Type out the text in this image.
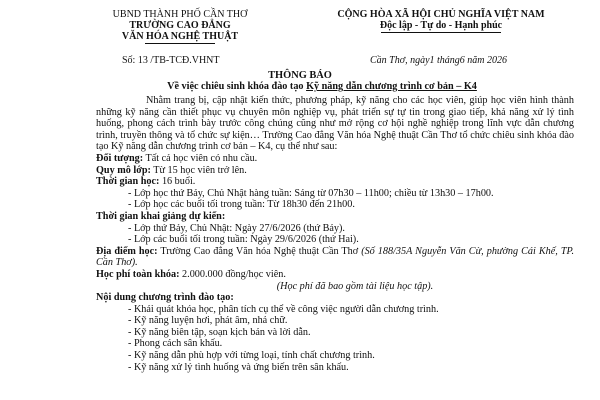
UBND THÀNH PHỐ CẦN THƠ
TRƯỜNG CAO ĐẲNG
VĂN HÓA NGHỆ THUẬT
CỘNG HÒA XÃ HỘI CHỦ NGHĨA VIỆT NAM
Độc lập - Tự do - Hạnh phúc
Số: 13 /TB-TCĐ.VHNT	Cần Thơ, ngày1 tháng6 năm 2026
THÔNG BÁO
Về việc chiêu sinh khóa đào tạo Kỹ năng dẫn chương trình cơ bản – K4

Nhằm trang bị, cập nhật kiến thức, phương pháp, kỹ năng cho các học viên, giúp học viên hình thành những kỹ năng cần thiết phục vụ chuyên môn nghiệp vụ, phát triển sự tự tin trong giao tiếp, khả năng xử lý tình huống, phong cách trình bày trước công chúng cũng như mở rộng cơ hội nghề nghiệp trong lĩnh vực dẫn chương trình, truyền thông và tổ chức sự kiện… Trường Cao đẳng Văn hóa Nghệ thuật Cần Thơ tổ chức chiêu sinh khóa đào tạo Kỹ năng dẫn chương trình cơ bản – K4, cụ thể như sau:

Đối tượng: Tất cả học viên có nhu cầu.

Quy mô lớp: Từ 15 học viên trở lên.

Thời gian học: 16 buổi.

- Lớp học thứ Bảy, Chủ Nhật hàng tuần: Sáng từ 07h30 – 11h00; chiều từ 13h30 – 17h00.

- Lớp học các buổi tối trong tuần: Từ 18h30 đến 21h00.

Thời gian khai giảng dự kiến:

- Lớp thứ Bảy, Chủ Nhật: Ngày 27/6/2026 (thứ Bảy).

- Lớp các buổi tối trong tuần: Ngày 29/6/2026 (thứ Hai).

Địa điểm học: Trường Cao đẳng Văn hóa Nghệ thuật Cần Thơ (Số 188/35A Nguyễn Văn Cừ, phường Cái Khế, TP. Cần Thơ).

Học phí toàn khóa: 2.000.000 đồng/học viên.

(Học phí đã bao gồm tài liệu học tập).

Nội dung chương trình đào tạo:

- Khái quát khóa học, phân tích cụ thể về công việc người dẫn chương trình.

- Kỹ năng luyện hơi, phát âm, nhả chữ.

- Kỹ năng biên tập, soạn kịch bản và lời dẫn.

- Phong cách sân khấu.

- Kỹ năng dẫn phù hợp với từng loại, tính chất chương trình.

- Kỹ năng xử lý tình huống và ứng biến trên sân khấu.
